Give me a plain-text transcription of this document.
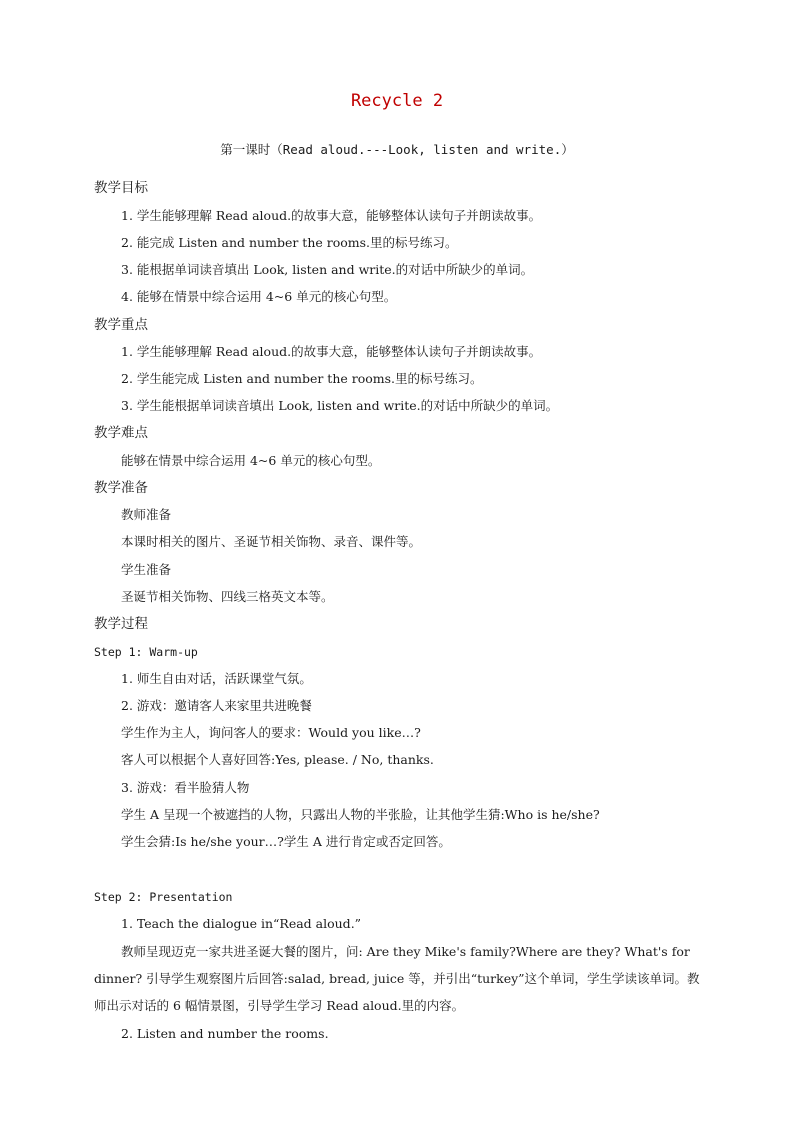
Recycle 2
第一课时（Read aloud.---Look, listen and write.）
教学目标
1. 学生能够理解 Read aloud.的故事大意，能够整体认读句子并朗读故事。
2. 能完成 Listen and number the rooms.里的标号练习。
3. 能根据单词读音填出 Look, listen and write.的对话中所缺少的单词。
4. 能够在情景中综合运用 4~6 单元的核心句型。
教学重点
1. 学生能够理解 Read aloud.的故事大意，能够整体认读句子并朗读故事。
2. 学生能完成 Listen and number the rooms.里的标号练习。
3. 学生能根据单词读音填出 Look, listen and write.的对话中所缺少的单词。
教学难点
能够在情景中综合运用 4~6 单元的核心句型。
教学准备
教师准备
本课时相关的图片、圣诞节相关饰物、录音、课件等。
学生准备
圣诞节相关饰物、四线三格英文本等。
教学过程
Step 1: Warm-up
1. 师生自由对话，活跃课堂气氛。
2. 游戏：邀请客人来家里共进晚餐
学生作为主人，询问客人的要求：Would you like…?
客人可以根据个人喜好回答:Yes, please. / No, thanks.
3. 游戏：看半脸猜人物
学生 A 呈现一个被遮挡的人物，只露出人物的半张脸，让其他学生猜:Who is he/she?
学生会猜:Is he/she your…?学生 A 进行肯定或否定回答。
Step 2: Presentation
1. Teach the dialogue in“Read aloud.”
教师呈现迈克一家共进圣诞大餐的图片，问: Are they Mike's family?Where are they? What's for dinner? 引导学生观察图片后回答:salad, bread, juice 等，并引出“turkey”这个单词，学生学读该单词。教师出示对话的 6 幅情景图，引导学生学习 Read aloud.里的内容。
2. Listen and number the rooms.
